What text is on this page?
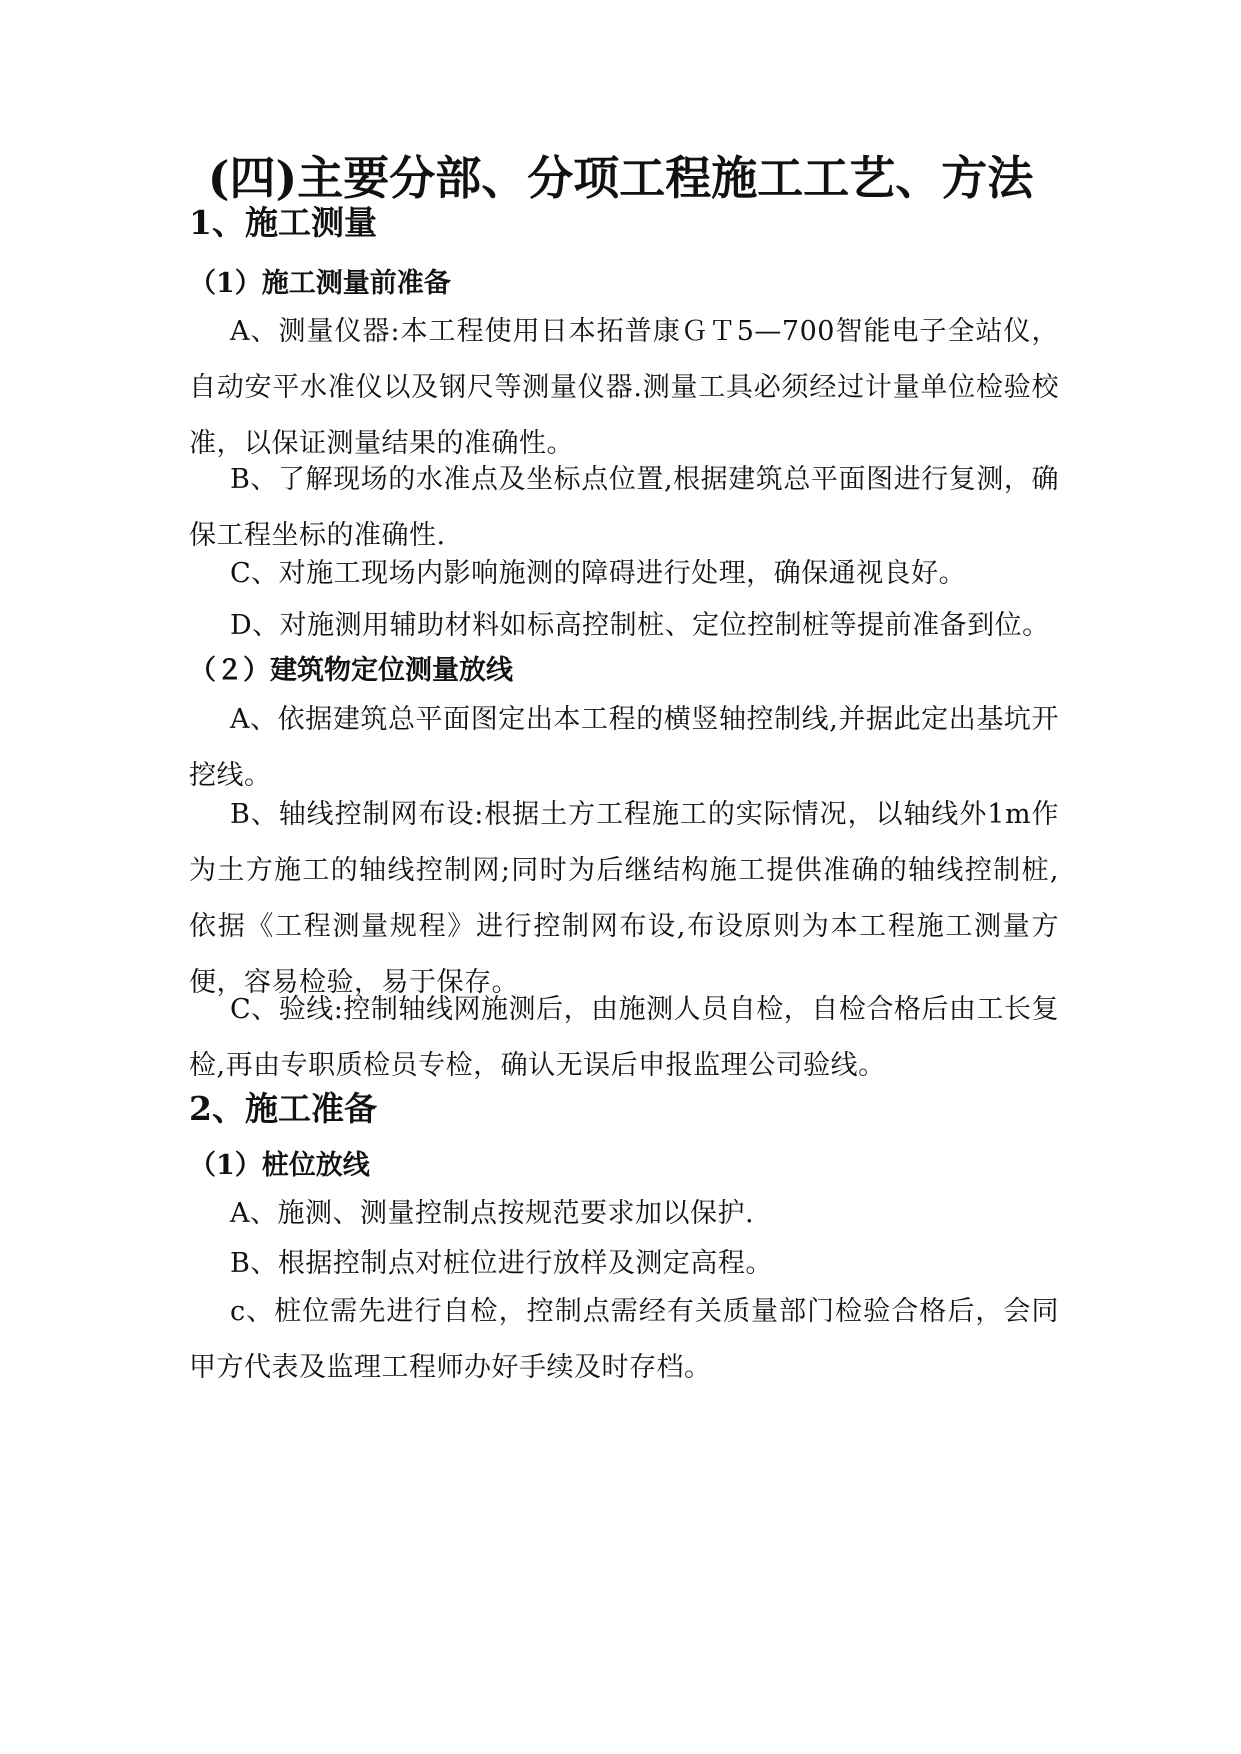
(四)主要分部、分项工程施工工艺、方法
1、施工测量
（1）施工测量前准备

A、测量仪器:本工程使用日本拓普康ＧＴ5—700智能电子全站仪，自动安平水准仪以及钢尺等测量仪器.测量工具必须经过计量单位检验校准，以保证测量结果的准确性。

B、了解现场的水准点及坐标点位置,根据建筑总平面图进行复测，确保工程坐标的准确性.

C、对施工现场内影响施测的障碍进行处理，确保通视良好。

D、对施测用辅助材料如标高控制桩、定位控制桩等提前准备到位。

（２）建筑物定位测量放线

A、依据建筑总平面图定出本工程的横竖轴控制线,并据此定出基坑开挖线。

B、轴线控制网布设:根据土方工程施工的实际情况，以轴线外1m作为土方施工的轴线控制网;同时为后继结构施工提供准确的轴线控制桩,依据《工程测量规程》进行控制网布设,布设原则为本工程施工测量方便，容易检验，易于保存。

C、验线:控制轴线网施测后，由施测人员自检，自检合格后由工长复检,再由专职质检员专检，确认无误后申报监理公司验线。

2、施工准备
（1）桩位放线

A、施测、测量控制点按规范要求加以保护.

B、根据控制点对桩位进行放样及测定高程。

c、桩位需先进行自检，控制点需经有关质量部门检验合格后，会同甲方代表及监理工程师办好手续及时存档。
